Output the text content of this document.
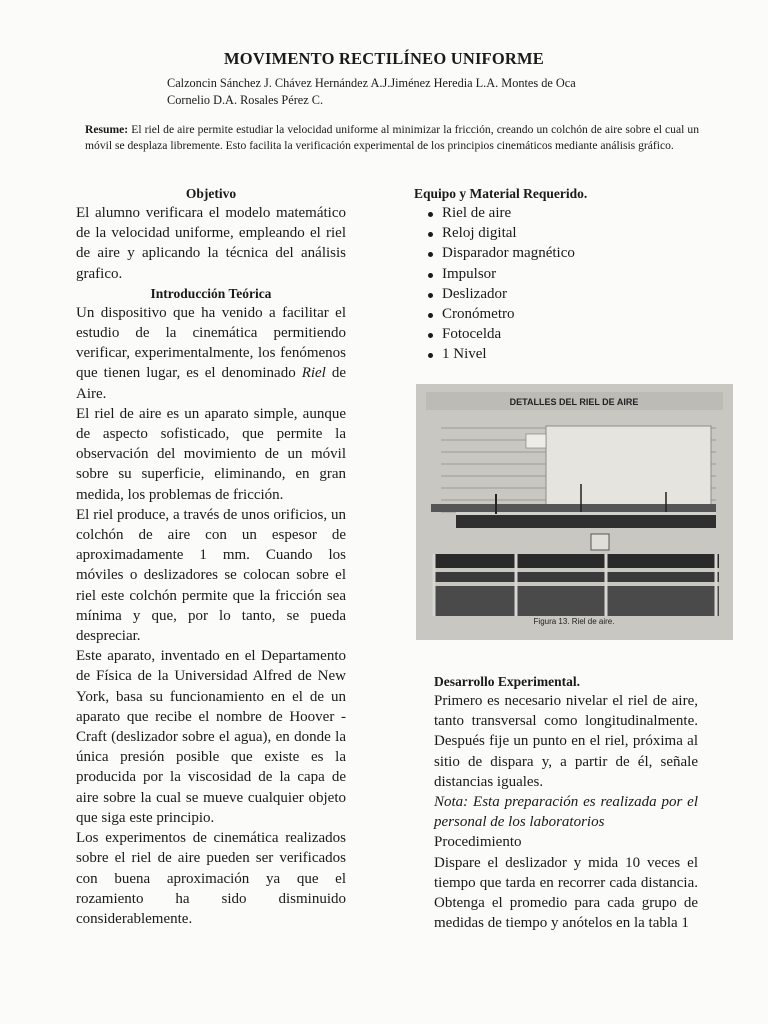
MOVIMENTO RECTILÍNEO UNIFORME
Calzoncin Sánchez J. Chávez Hernández A.J.Jiménez Heredia L.A. Montes de Oca
Cornelio D.A. Rosales Pérez C.
Resume: El riel de aire permite estudiar la velocidad uniforme al minimizar la fricción, creando un colchón de aire sobre el cual un móvil se desplaza libremente. Esto facilita la verificación experimental de los principios cinemáticos mediante análisis gráfico.
Objetivo

El alumno verificara el modelo matemático de la velocidad uniforme, empleando el riel de aire y aplicando la técnica del análisis grafico.

Introducción Teórica

Un dispositivo que ha venido a facilitar el estudio de la cinemática permitiendo verificar, experimentalmente, los fenómenos que tienen lugar, es el denominado Riel de Aire.

El riel de aire es un aparato simple, aunque de aspecto sofisticado, que permite la observación del movimiento de un móvil sobre su superficie, eliminando, en gran medida, los problemas de fricción.

El riel produce, a través de unos orificios, un colchón de aire con un espesor de aproximadamente 1 mm. Cuando los móviles o deslizadores se colocan sobre el riel este colchón permite que la fricción sea mínima y que, por lo tanto, se pueda despreciar.

Este aparato, inventado en el Departamento de Física de la Universidad Alfred de New York, basa su funcionamiento en el de un aparato que recibe el nombre de Hoover - Craft (deslizador sobre el agua), en donde la única presión posible que existe es la producida por la viscosidad de la capa de aire sobre la cual se mueve cualquier objeto que siga este principio.

Los experimentos de cinemática realizados sobre el riel de aire pueden ser verificados con buena aproximación ya que el rozamiento ha sido disminuido considerablemente.

Equipo y Material Requerido.
Riel de aire
Reloj digital
Disparador magnético
Impulsor
Deslizador
Cronómetro
Fotocelda
1 Nivel
DETALLES DEL RIEL DE AIRE
Figura 13. Riel de aire.
Desarrollo Experimental.

Primero es necesario nivelar el riel de aire, tanto transversal como longitudinalmente. Después fije un punto en el riel, próxima al sitio de dispara y, a partir de él, señale distancias iguales.

Nota: Esta preparación es realizada por el personal de los laboratorios

Procedimiento

Dispare el deslizador y mida 10 veces el tiempo que tarda en recorrer cada distancia. Obtenga el promedio para cada grupo de medidas de tiempo y anótelos en la tabla 1
